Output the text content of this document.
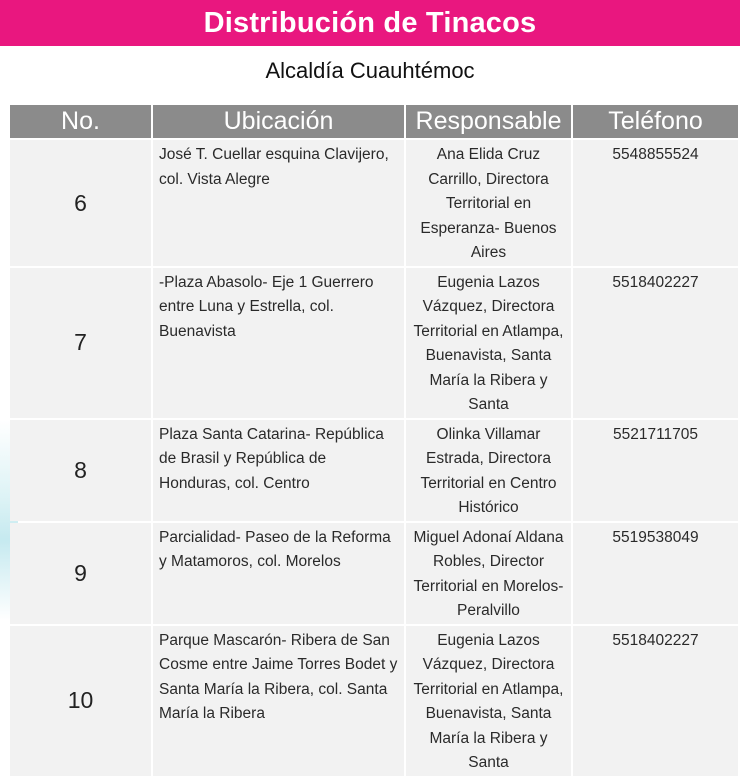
Distribución de Tinacos
Alcaldía Cuauhtémoc
No.	Ubicación	Responsable	Teléfono
6	José T. Cuellar esquina Clavijero, col. Vista Alegre	Ana Elida Cruz Carrillo, Directora Territorial en Esperanza- Buenos Aires	5548855524
7	-Plaza Abasolo- Eje 1 Guerrero entre Luna y Estrella, col. Buenavista	Eugenia Lazos Vázquez, Directora Territorial en Atlampa, Buenavista, Santa María la Ribera y Santa	5518402227
8	Plaza Santa Catarina- República de Brasil y República de Honduras, col. Centro	Olinka Villamar Estrada, Directora Territorial en Centro Histórico	5521711705
9	Parcialidad- Paseo de la Reforma y Matamoros, col. Morelos	Miguel Adonaí Aldana Robles, Director Territorial en Morelos-Peralvillo	5519538049
10	Parque Mascarón- Ribera de San Cosme entre Jaime Torres Bodet y Santa María la Ribera, col. Santa María la Ribera	Eugenia Lazos Vázquez, Directora Territorial en Atlampa, Buenavista, Santa María la Ribera y Santa	5518402227
